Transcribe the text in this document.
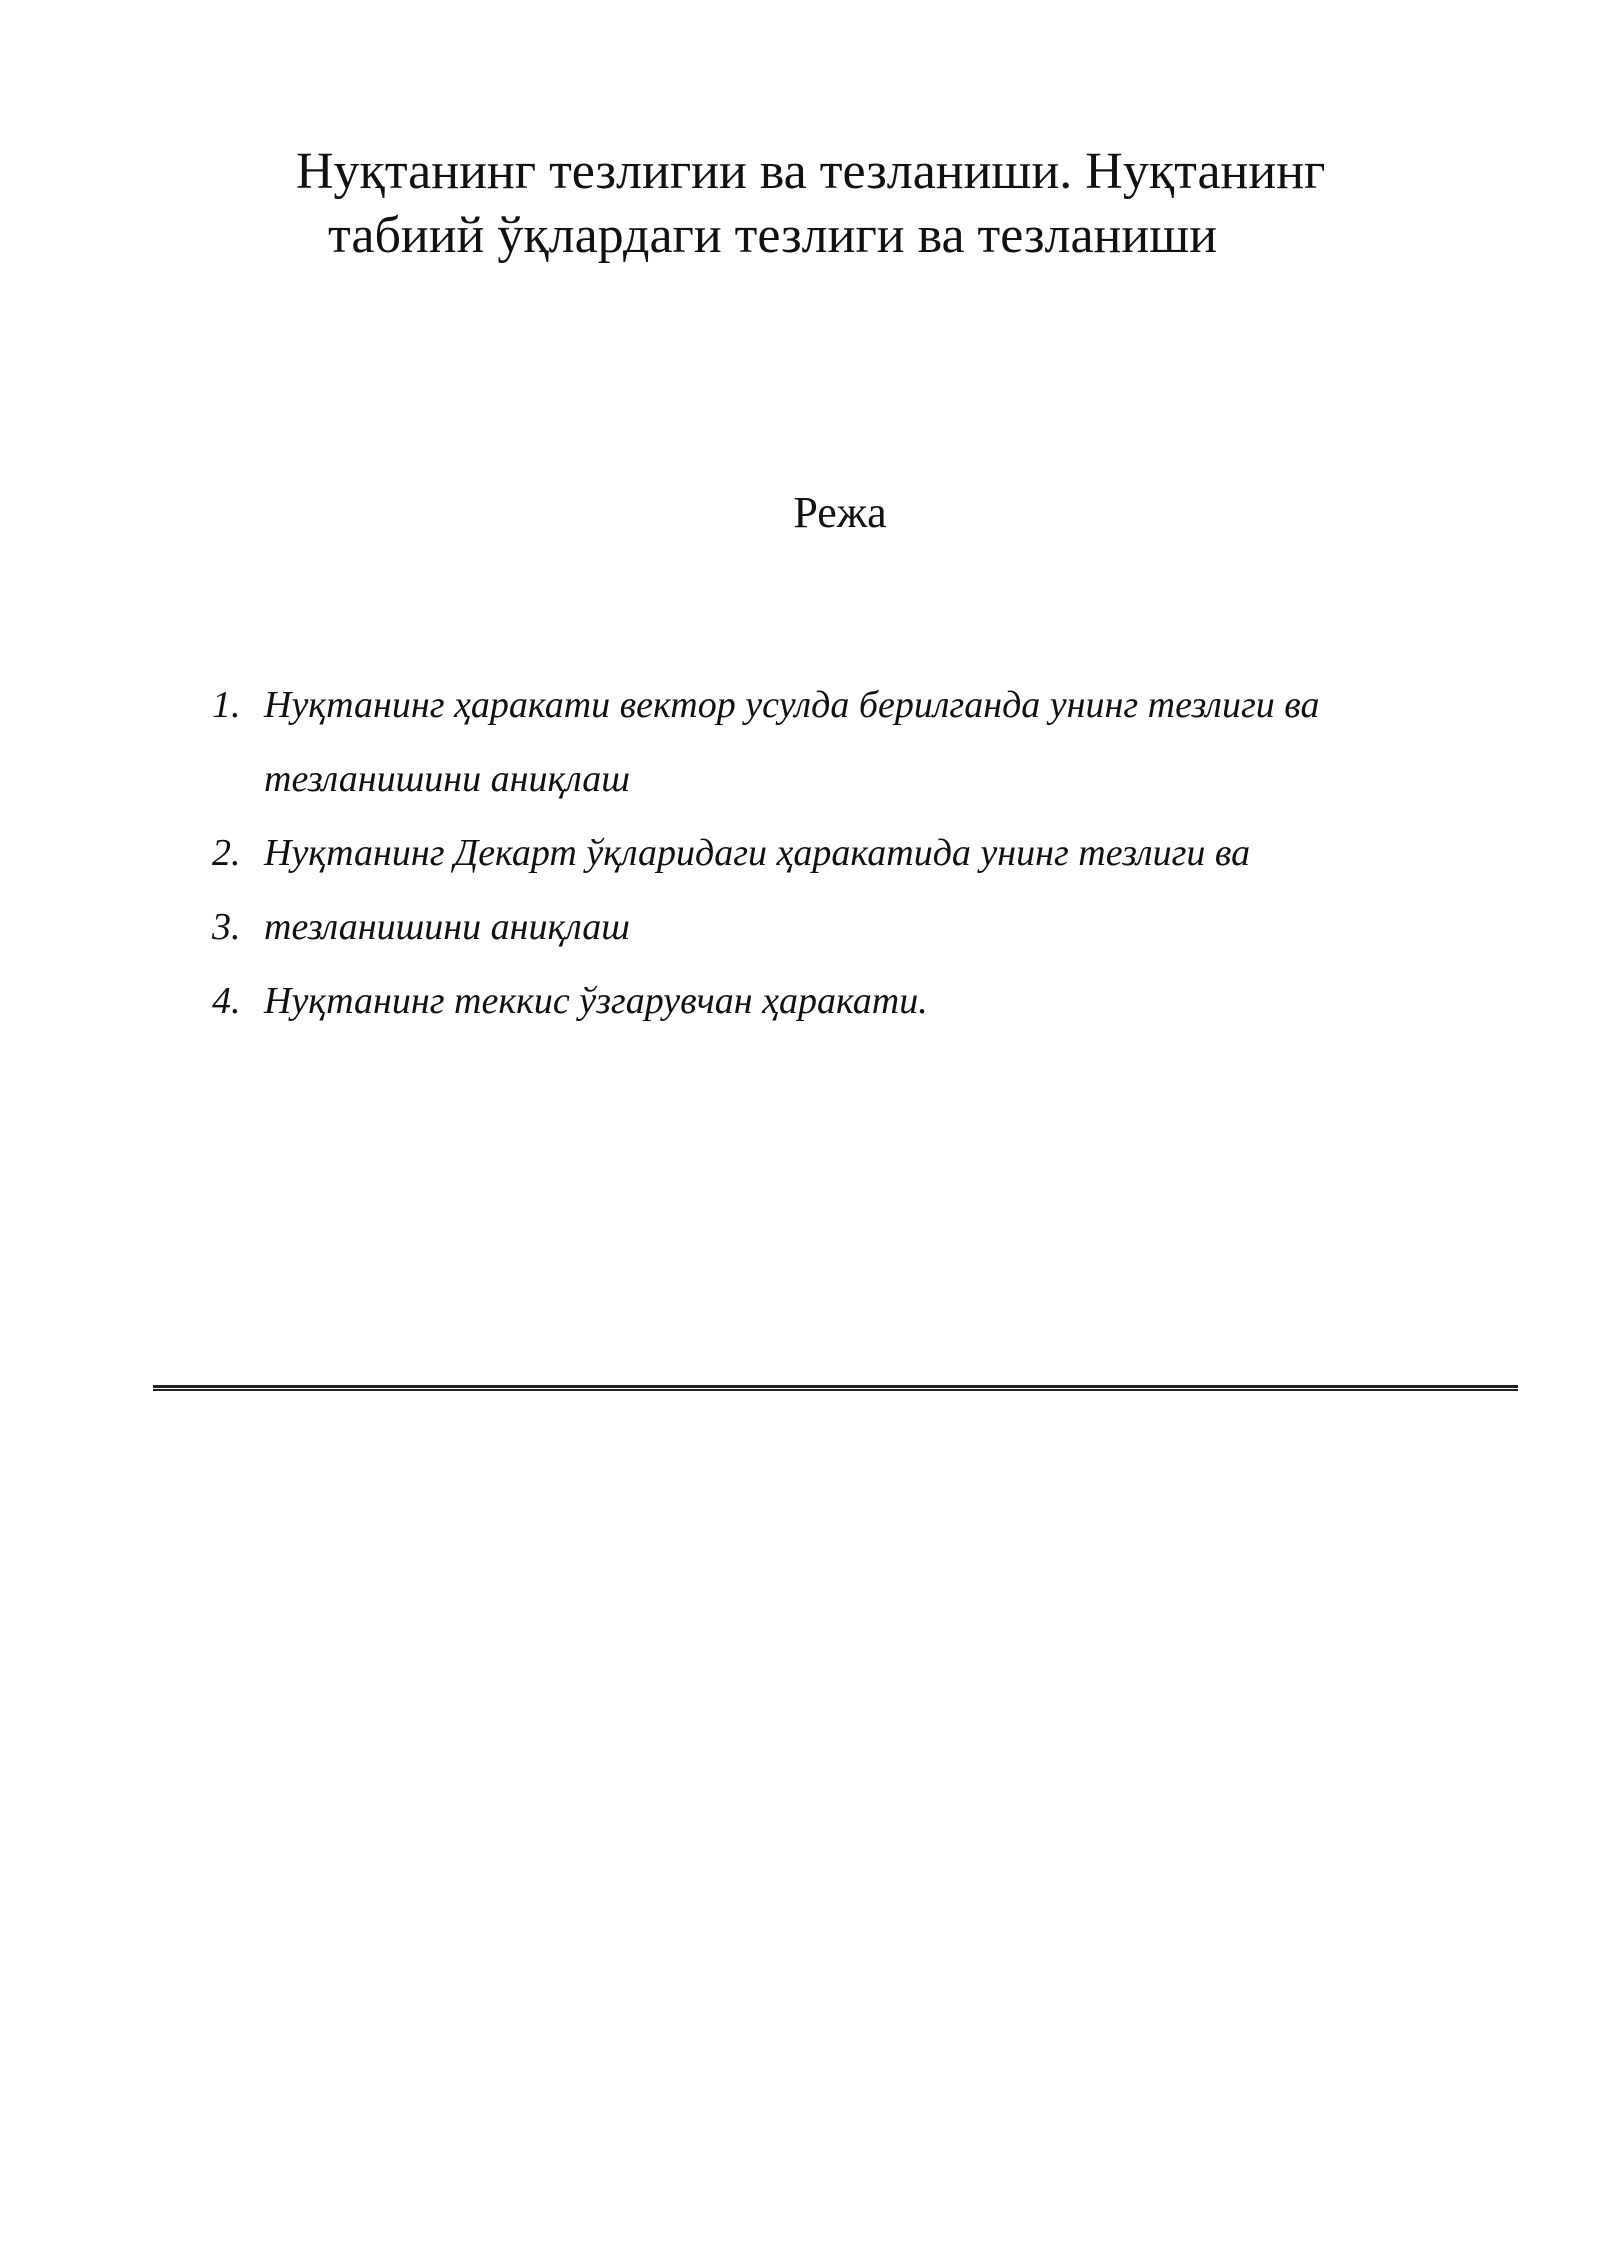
Нуқтанинг тезлигии ва тезланиши. Нуқтанинг
табиий ўқлардаги тезлиги ва тезланиши
Режа
1. Нуқтанинг ҳаракати вектор усулда берилганда унинг тезлиги ва
тезланишини аниқлаш
2. Нуқтанинг Декарт ўқларидаги ҳаракатида унинг тезлиги ва
3. тезланишини аниқлаш
4. Нуқтанинг теккис ўзгарувчан ҳаракати.
